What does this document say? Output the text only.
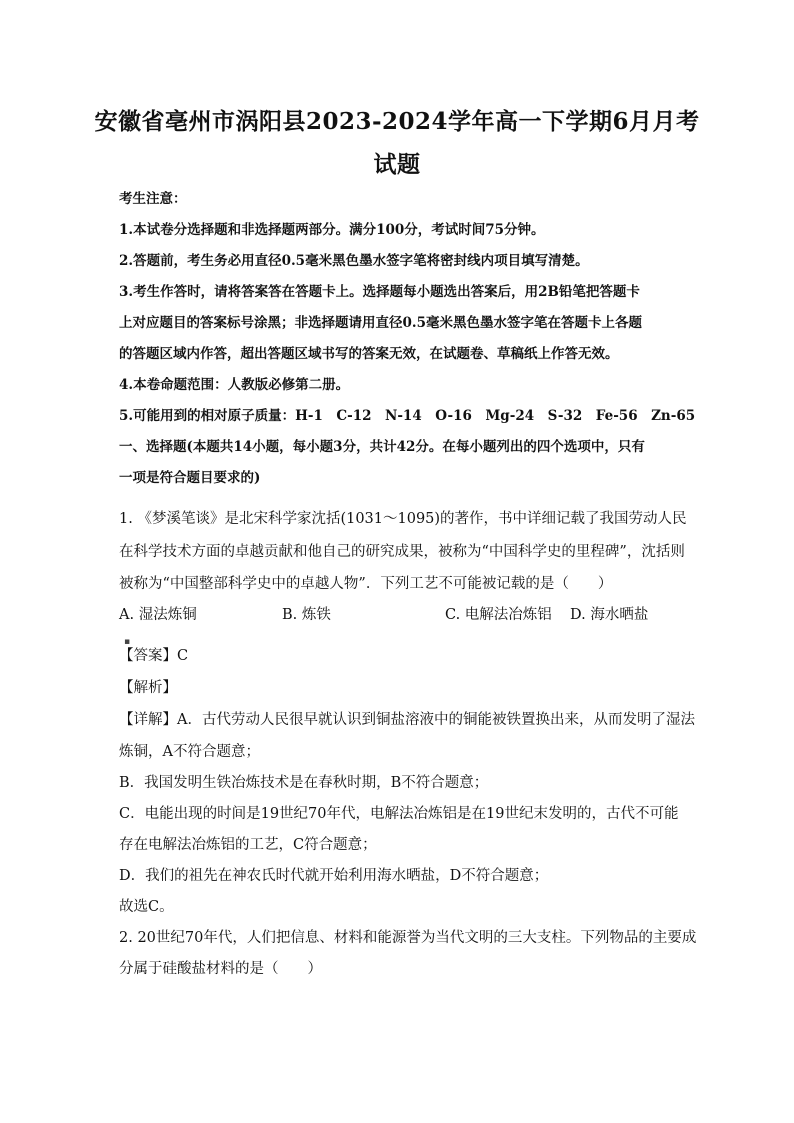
安徽省亳州市涡阳县2023-2024学年高一下学期6月月考
试题
考生注意：
1.本试卷分选择题和非选择题两部分。满分100分，考试时间75分钟。
2.答题前，考生务必用直径0.5毫米黑色墨水签字笔将密封线内项目填写清楚。
3.考生作答时，请将答案答在答题卡上。选择题每小题选出答案后，用2B铅笔把答题卡
上对应题目的答案标号涂黑；非选择题请用直径0.5毫米黑色墨水签字笔在答题卡上各题
的答题区域内作答，超出答题区域书写的答案无效，在试题卷、草稿纸上作答无效。
4.本卷命题范围：人教版必修第二册。
5.可能用到的相对原子质量：H-1　C-12　N-14　O-16　Mg-24　S-32　Fe-56　Zn-65
一、选择题(本题共14小题，每小题3分，共计42分。在每小题列出的四个选项中，只有
一项是符合题目要求的)
1. 《梦溪笔谈》是北宋科学家沈括(1031～1095)的著作，书中详细记载了我国劳动人民
在科学技术方面的卓越贡献和他自己的研究成果，被称为“中国科学史的里程碑”，沈括则
被称为“中国整部科学史中的卓越人物”．下列工艺不可能被记载的是（　　）
A. 湿法炼铜	B. 炼铁	C. 电解法冶炼铝 D. 海水晒盐
▪
【答案】C
【解析】
【详解】A．古代劳动人民很早就认识到铜盐溶液中的铜能被铁置换出来，从而发明了湿法
炼铜，A不符合题意；
B．我国发明生铁冶炼技术是在春秋时期，B不符合题意；
C．电能出现的时间是19世纪70年代，电解法冶炼铝是在19世纪末发明的，古代不可能
存在电解法冶炼铝的工艺，C符合题意；
D．我们的祖先在神农氏时代就开始利用海水晒盐，D不符合题意；
故选C。
2. 20世纪70年代，人们把信息、材料和能源誉为当代文明的三大支柱。下列物品的主要成
分属于硅酸盐材料的是（　　）
